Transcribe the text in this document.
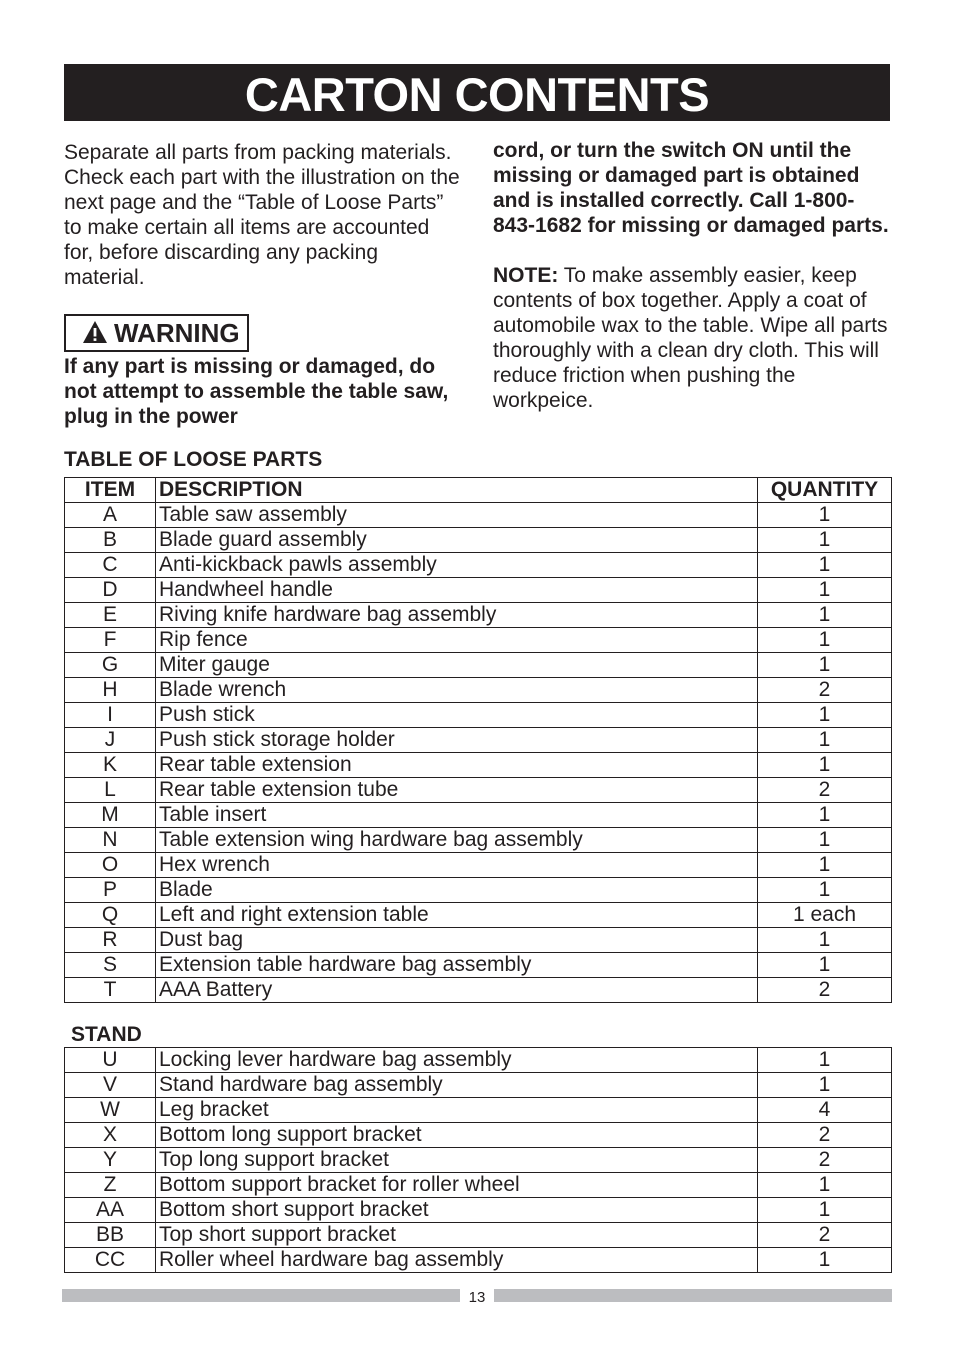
CARTON CONTENTS

Separate all parts from packing materials. Check each part with the illustration on the next page and the “Table of Loose Parts” to make certain all items are accounted for, before discarding any packing material.

WARNING

If any part is missing or damaged, do not attempt to assemble the table saw, plug in the power

cord, or turn the switch ON until the missing or damaged part is obtained and is installed correctly. Call 1-800-843-1682 for missing or damaged parts.

NOTE: To make assembly easier, keep contents of box together. Apply a coat of automobile wax to the table. Wipe all parts thoroughly with a clean dry cloth. This will reduce friction when pushing the workpeice.

TABLE OF LOOSE PARTS
ITEM	DESCRIPTION	QUANTITY
A	Table saw assembly	1
B	Blade guard assembly	1
C	Anti-kickback pawls assembly	1
D	Handwheel handle	1
E	Riving knife hardware bag assembly	1
F	Rip fence	1
G	Miter gauge	1
H	Blade wrench	2
I	Push stick	1
J	Push stick storage holder	1
K	Rear table extension	1
L	Rear table extension tube	2
M	Table insert	1
N	Table extension wing hardware bag assembly	1
O	Hex wrench	1
P	Blade	1
Q	Left and right extension table	1 each
R	Dust bag	1
S	Extension table hardware bag assembly	1
T	AAA Battery	2
STAND
U	Locking lever hardware bag assembly	1
V	Stand hardware bag assembly	1
W	Leg bracket	4
X	Bottom long support bracket	2
Y	Top long support bracket	2
Z	Bottom support bracket for roller wheel	1
AA	Bottom short support bracket	1
BB	Top short support bracket	2
CC	Roller wheel hardware bag assembly	1
13
